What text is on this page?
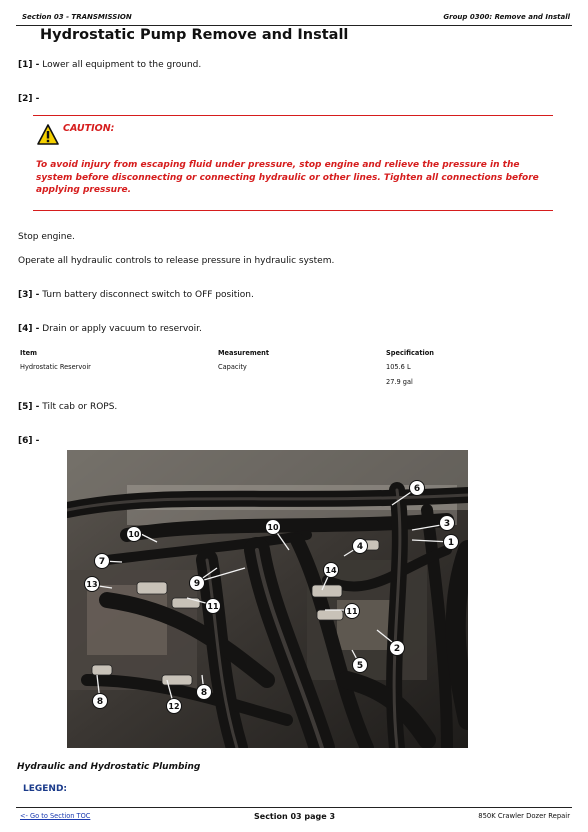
Section 03 - TRANSMISSION	Group 0300: Remove and Install
Hydrostatic Pump Remove and Install
[1] - Lower all equipment to the ground.
[2] -
CAUTION:
To avoid injury from escaping fluid under pressure, stop engine and relieve the pressure in the system before disconnecting or connecting hydraulic or other lines. Tighten all connections before applying pressure.
Stop engine.
Operate all hydraulic controls to release pressure in hydraulic system.
[3] - Turn battery disconnect switch to OFF position.
[4] - Drain or apply vacuum to reservoir.
Item	Measurement	Specification
Hydrostatic Reservoir	Capacity	105.6 L
27.9 gal
[5] - Tilt cab or ROPS.
[6] -
1
2
3
4
5
6
7
8
8
9
10
10
11
11
12
13
14
Hydraulic and Hydrostatic Plumbing
LEGEND:
<- Go to Section TOC	Section 03 page 3	850K Crawler Dozer Repair
